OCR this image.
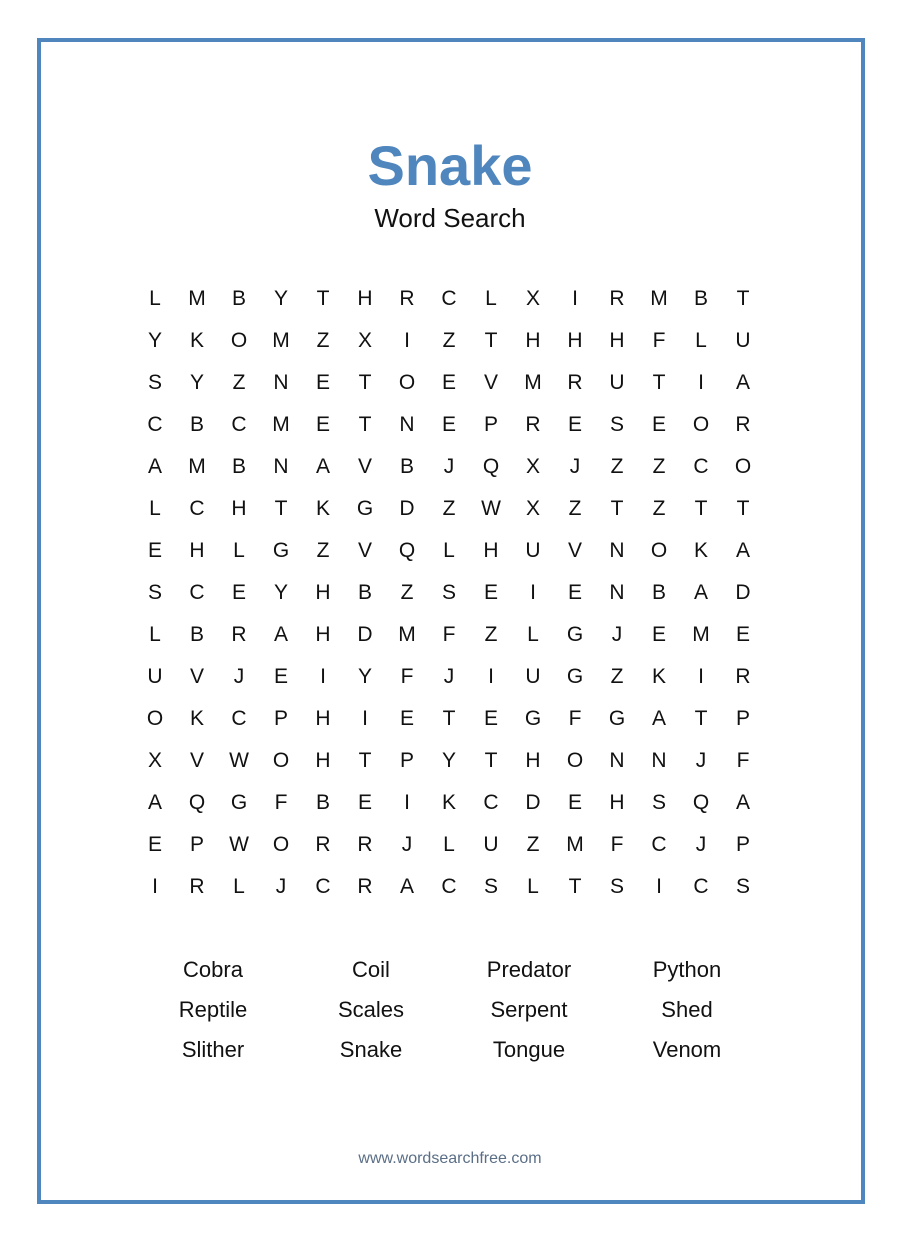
Snake
Word Search
L	M	B	Y	T	H	R	C	L	X	I	R	M	B	T
Y	K	O	M	Z	X	I	Z	T	H	H	H	F	L	U
S	Y	Z	N	E	T	O	E	V	M	R	U	T	I	A
C	B	C	M	E	T	N	E	P	R	E	S	E	O	R
A	M	B	N	A	V	B	J	Q	X	J	Z	Z	C	O
L	C	H	T	K	G	D	Z	W	X	Z	T	Z	T	T
E	H	L	G	Z	V	Q	L	H	U	V	N	O	K	A
S	C	E	Y	H	B	Z	S	E	I	E	N	B	A	D
L	B	R	A	H	D	M	F	Z	L	G	J	E	M	E
U	V	J	E	I	Y	F	J	I	U	G	Z	K	I	R
O	K	C	P	H	I	E	T	E	G	F	G	A	T	P
X	V	W	O	H	T	P	Y	T	H	O	N	N	J	F
A	Q	G	F	B	E	I	K	C	D	E	H	S	Q	A
E	P	W	O	R	R	J	L	U	Z	M	F	C	J	P
I	R	L	J	C	R	A	C	S	L	T	S	I	C	S
Cobra	Coil	Predator	Python
Reptile	Scales	Serpent	Shed
Slither	Snake	Tongue	Venom
www.wordsearchfree.com
